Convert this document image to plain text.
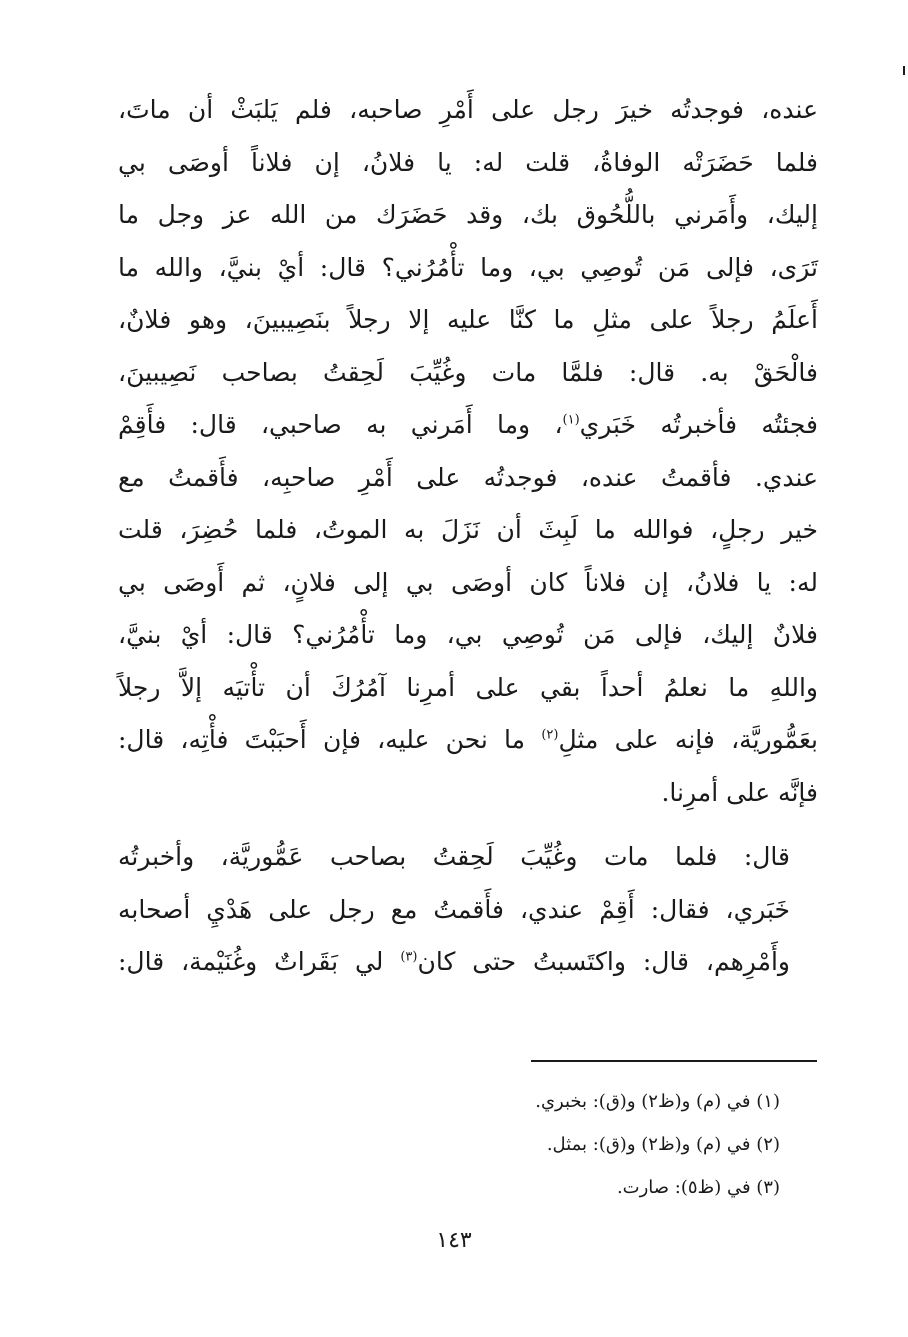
عنده، فوجدتُه خيرَ رجل على أَمْرِ صاحبه، فلم يَلبَثْ أن ماتَ،
فلما حَضَرَتْه الوفاةُ، قلت له: يا فلانُ، إن فلاناً أوصَى بي
إليك، وأَمَرني باللُّحُوق بك، وقد حَضَرَك من الله عز وجل ما
تَرَى، فإلى مَن تُوصِي بي، وما تأْمُرُني؟ قال: أيْ بنيَّ، والله ما
أَعلَمُ رجلاً على مثلِ ما كنَّا عليه إلا رجلاً بنَصِيبينَ، وهو فلانٌ،
فالْحَقْ به. قال: فلمَّا مات وغُيِّبَ لَحِقتُ بصاحب نَصِيبينَ،
فجئتُه فأخبرتُه خَبَري$^{(١)}$، وما أَمَرني به صاحبي، قال: فأَقِمْ
عندي. فأقمتُ عنده، فوجدتُه على أَمْرِ صاحبِه، فأَقمتُ مع
خير رجلٍ، فوالله ما لَبِثَ أن نَزَلَ به الموتُ، فلما حُضِرَ، قلت
له: يا فلانُ، إن فلاناً كان أوصَى بي إلى فلانٍ، ثم أَوصَى بي
فلانٌ إليك، فإلى مَن تُوصِي بي، وما تأْمُرُني؟ قال: أيْ بنيَّ،
واللهِ ما نعلمُ أحداً بقي على أمرِنا آمُرُكَ أن تأْتيَه إلاَّ رجلاً
بعَمُّوريَّة، فإنه على مثلِ$^{(٢)}$ ما نحن عليه، فإن أَحبَبْتَ فأْتِه، قال:
فإنَّه على أمرِنا.

قال: فلما مات وغُيِّبَ لَحِقتُ بصاحب عَمُّوريَّة، وأخبرتُه
خَبَري، فقال: أَقِمْ عندي، فأَقمتُ مع رجل على هَدْيِ أصحابه
وأَمْرِهم، قال: واكتَسبتُ حتى كان$^{(٣)}$ لي بَقَراتٌ وغُنَيْمة، قال:

(١) في (م) و(ظ٢) و(ق): بخبري.
(٢) في (م) و(ظ٢) و(ق): بمثل.
(٣) في (ظ٥): صارت.
١٤٣
